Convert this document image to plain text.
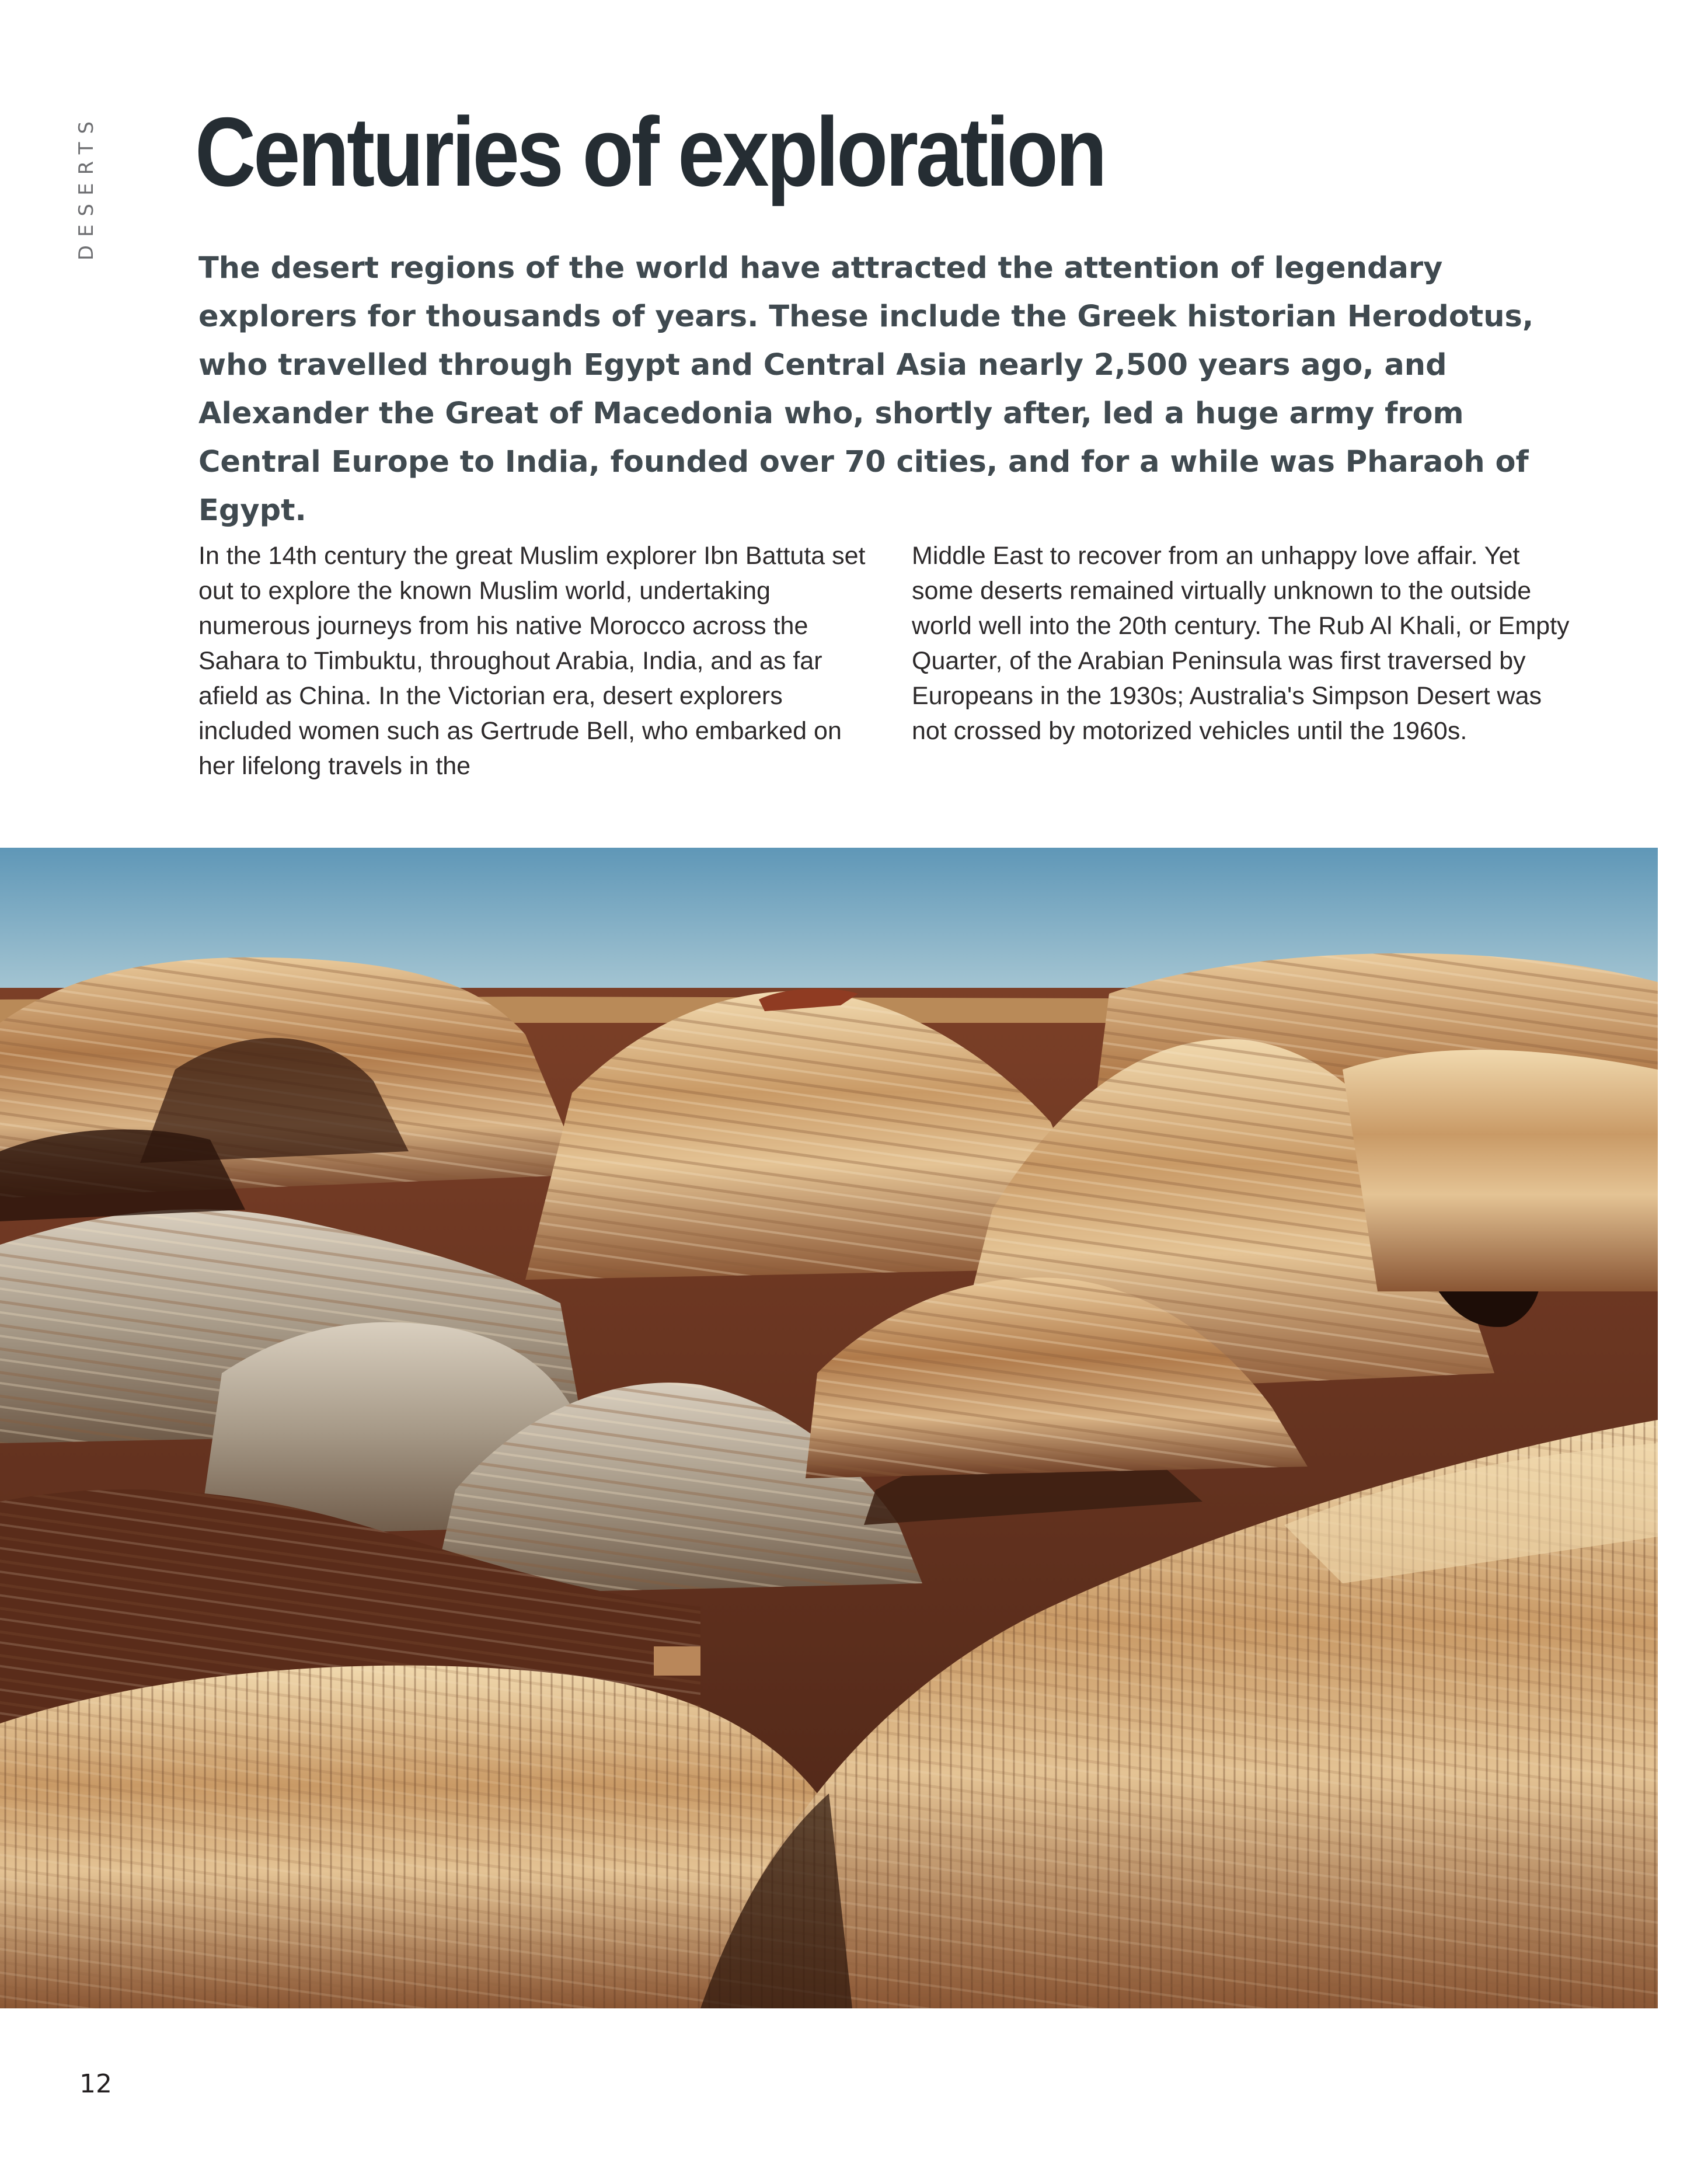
DESERTS Centuries of exploration

The desert regions of the world have attracted the attention of legendary explorers for thousands of years. These include the Greek historian Herodotus, who travelled through Egypt and Central Asia nearly 2,500 years ago, and Alexander the Great of Macedonia who, shortly after, led a huge army from Central Europe to India, founded over 70 cities, and for a while was Pharaoh of Egypt.

In the 14th century the great Muslim explorer Ibn Battuta set out to explore the known Muslim world, undertaking numerous journeys from his native Morocco across the Sahara to Timbuktu, throughout Arabia, India, and as far afield as China. In the Victorian era, desert explorers included women such as Gertrude Bell, who embarked on her lifelong travels in the

Middle East to recover from an unhappy love affair. Yet some deserts remained virtually unknown to the outside world well into the 20th century. The Rub Al Khali, or Empty Quarter, of the Arabian Peninsula was first traversed by Europeans in the 1930s; Australia's Simpson Desert was not crossed by motorized vehicles until the 1960s.

12
